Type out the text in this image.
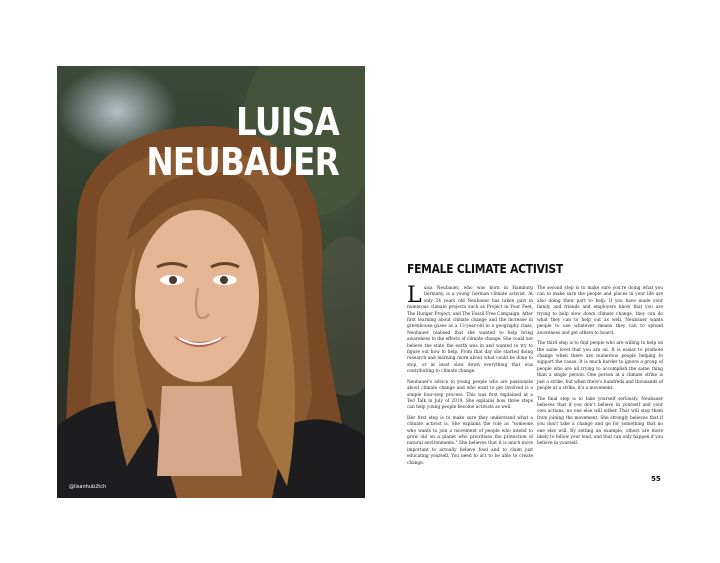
LUISA
NEUBAUER
@lisanhub2tch
FEMALE CLIMATE ACTIVIST

Luisa Neubauer, who was born in Hamburg Germany, is a young German climate activist. At only 24 years old Neubauer has taken part in numerous climate projects such as Project in Your Feet, The Hunger Project, and The Fossil Free Campaign. After first learning about climate change and the increase in greenhouse gases as a 13-year-old in a geography class, Neubauer realised that she wanted to help bring awareness to the effects of climate change. She could not believe the state the earth was in and wanted to try to figure out how to help. From that day she started doing research and learning more about what could be done to stop, or at least slow down everything that was contributing to climate change.

Neubauer's advice to young people who are passionate about climate change and who want to get involved is a simple four-step process. This was first explained at a Ted Talk in July of 2019. She explains how three steps can help young people become activists as well.

Her first step is to make sure they understand what a climate activist is. She explains the role as "someone who wants to join a movement of people who intend to grow old on a planet who prioritises the protection of natural environments." She believes that it is much more important to actually believe food and to claim just educating yourself. You need to act to be able to create change.

The second step is to make sure you're doing what you can to make sure the people and places in your life are also doing their part to help. If you have made your family and friends and employers know that you are trying to help slow down climate change, they can do what they can to help out as well. Neubauer wants people to use whatever means they can to spread awareness and get others to board.

The third step is to find people who are willing to help on the same level that you are on. It is easier to promote change when there are numerous people helping to support the cause. It is much harder to ignore a group of people who are all trying to accomplish the same thing than a single person. One person at a climate strike is just a strike, but when there's hundreds and thousands of people at a strike, it's a movement.

The final step is to take yourself seriously. Neubauer believes that if you don't believe in yourself and your own actions, no one else will either. That will stop them from joining the movement. She strongly believes that if you don't take a change and go for something that no one else will. By setting an example, others are more likely to follow your lead, and that can only happen if you believe in yourself.

55
